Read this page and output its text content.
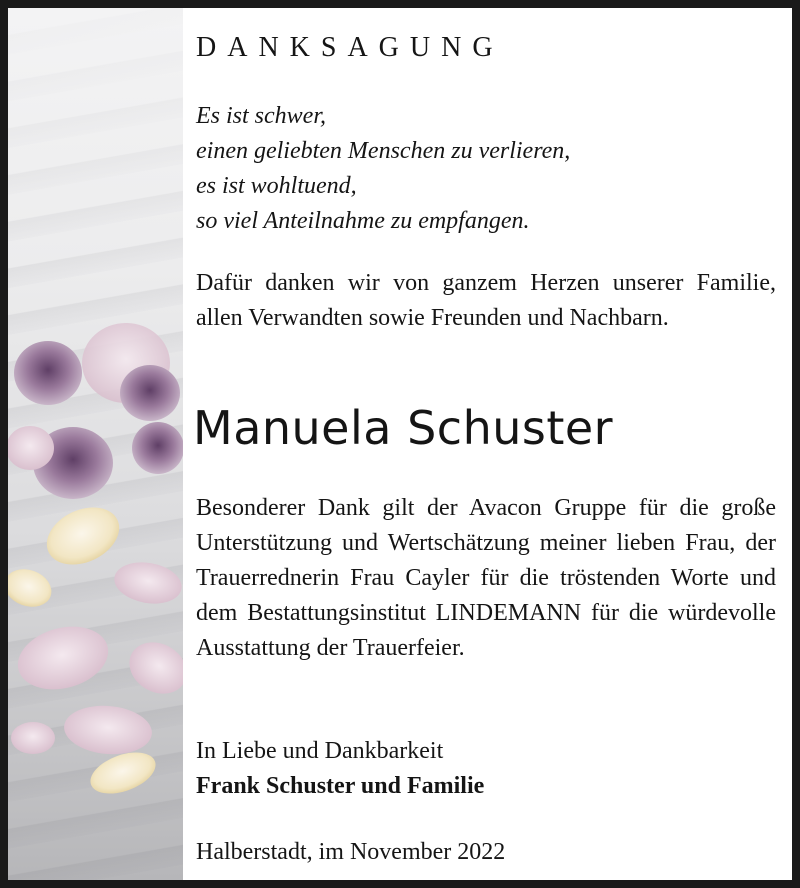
DANKSAGUNG
Es ist schwer,
einen geliebten Menschen zu verlieren,
es ist wohltuend,
so viel Anteilnahme zu empfangen.
Dafür danken wir von ganzem Herzen unserer Familie, allen Verwandten sowie Freunden und Nachbarn.
Manuela Schuster
Besonderer Dank gilt der Avacon Gruppe für die große Unterstützung und Wertschätzung meiner lieben Frau, der Trauerrednerin Frau Cayler für die tröstenden Worte und dem Bestattungsinstitut LINDEMANN für die würdevolle Ausstattung der Trauerfeier.
In Liebe und Dankbarkeit
Frank Schuster und Familie
Halberstadt, im November 2022
